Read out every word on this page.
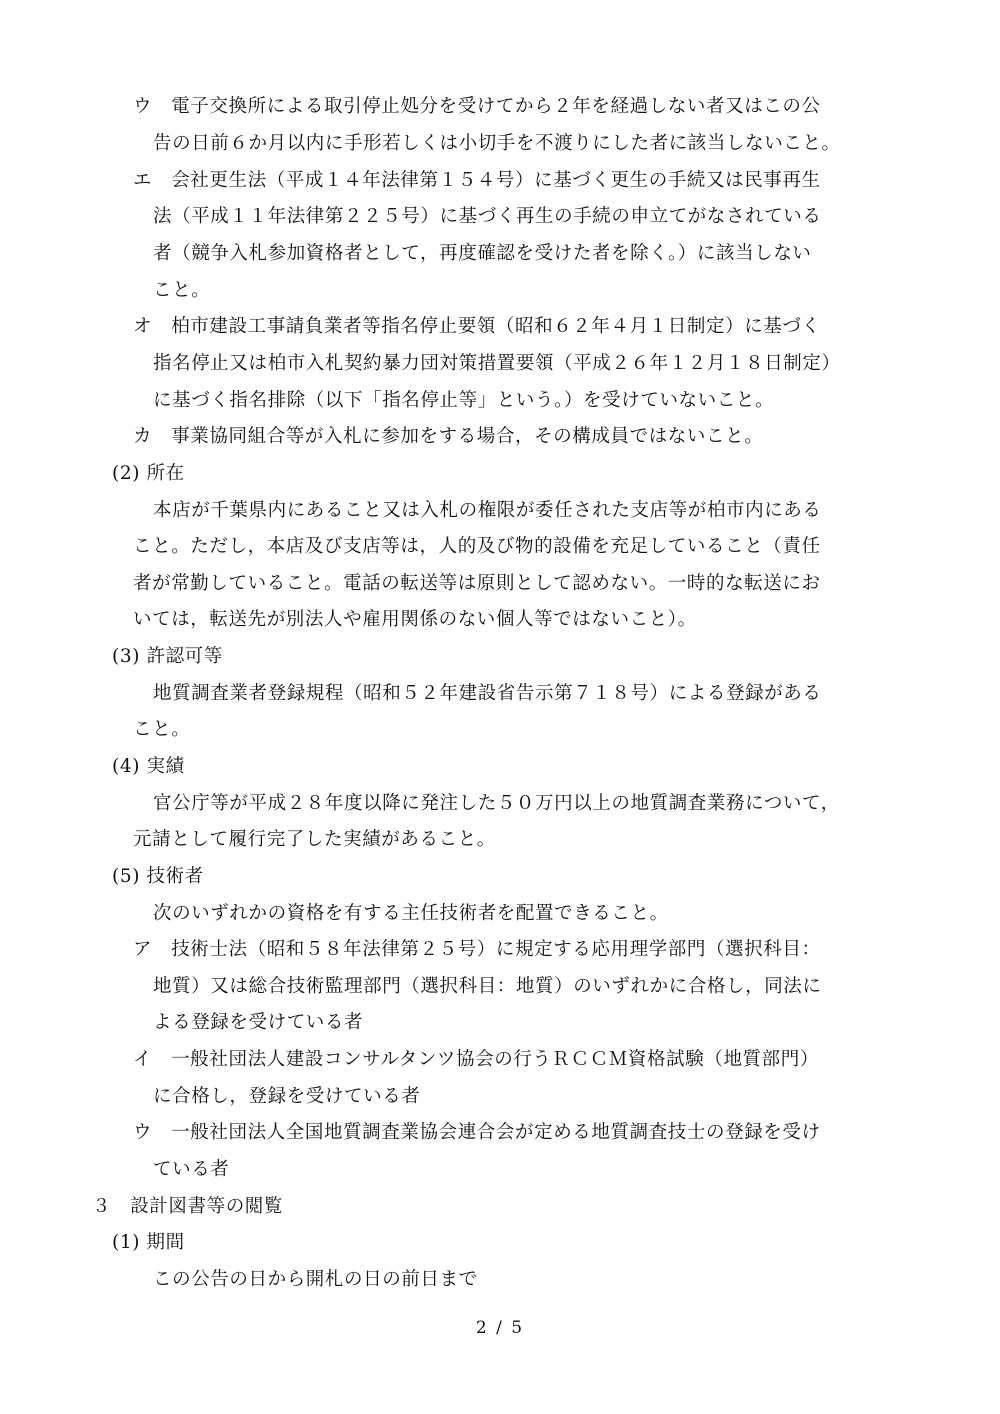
ウ　電子交換所による取引停止処分を受けてから２年を経過しない者又はこの公
告の日前６か月以内に手形若しくは小切手を不渡りにした者に該当しないこと。
エ　会社更生法（平成１４年法律第１５４号）に基づく更生の手続又は民事再生
法（平成１１年法律第２２５号）に基づく再生の手続の申立てがなされている
者（競争入札参加資格者として，再度確認を受けた者を除く。）に該当しない
こと。
オ　柏市建設工事請負業者等指名停止要領（昭和６２年４月１日制定）に基づく
指名停止又は柏市入札契約暴力団対策措置要領（平成２６年１２月１８日制定）
に基づく指名排除（以下「指名停止等」という。）を受けていないこと。
カ　事業協同組合等が入札に参加をする場合，その構成員ではないこと。
(2) 所在
本店が千葉県内にあること又は入札の権限が委任された支店等が柏市内にある
こと。ただし，本店及び支店等は，人的及び物的設備を充足していること（責任
者が常勤していること。電話の転送等は原則として認めない。一時的な転送にお
いては，転送先が別法人や雇用関係のない個人等ではないこと）。
(3) 許認可等
地質調査業者登録規程（昭和５２年建設省告示第７１８号）による登録がある
こと。
(4) 実績
官公庁等が平成２８年度以降に発注した５０万円以上の地質調査業務について，
元請として履行完了した実績があること。
(5) 技術者
次のいずれかの資格を有する主任技術者を配置できること。
ア　技術士法（昭和５８年法律第２５号）に規定する応用理学部門（選択科目：
地質）又は総合技術監理部門（選択科目：地質）のいずれかに合格し，同法に
よる登録を受けている者
イ　一般社団法人建設コンサルタンツ協会の行うＲＣＣＭ資格試験（地質部門）
に合格し，登録を受けている者
ウ　一般社団法人全国地質調査業協会連合会が定める地質調査技士の登録を受け
ている者
３　設計図書等の閲覧
(1) 期間
この公告の日から開札の日の前日まで
2 / 5
